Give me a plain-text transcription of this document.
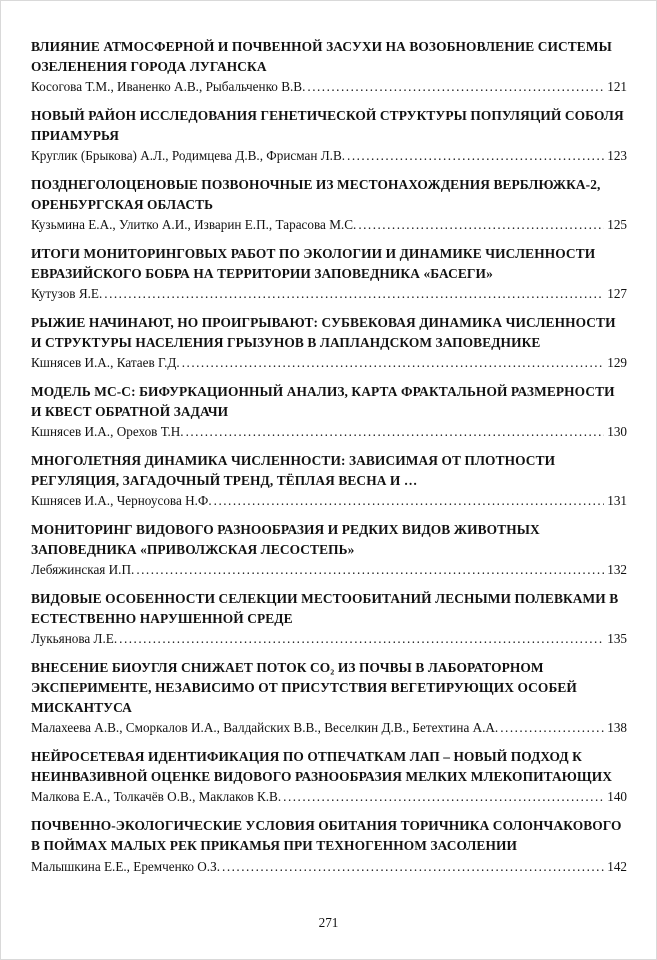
ВЛИЯНИЕ АТМОСФЕРНОЙ И ПОЧВЕННОЙ ЗАСУХИ НА ВОЗОБНОВЛЕНИЕ СИСТЕМЫ ОЗЕЛЕНЕНИЯ ГОРОДА ЛУГАНСКА
Косогова Т.М., Иваненко А.В., Рыбальченко В.В. .....	121
НОВЫЙ РАЙОН ИССЛЕДОВАНИЯ ГЕНЕТИЧЕСКОЙ СТРУКТУРЫ ПОПУЛЯЦИЙ СОБОЛЯ ПРИАМУРЬЯ
Круглик (Брыкова) А.Л., Родимцева Д.В., Фрисман Л.В. .....	123
ПОЗДНЕГОЛОЦЕНОВЫЕ ПОЗВОНОЧНЫЕ ИЗ МЕСТОНАХОЖДЕНИЯ ВЕРБЛЮЖКА-2, ОРЕНБУРГСКАЯ ОБЛАСТЬ
Кузьмина Е.А., Улитко А.И., Изварин Е.П., Тарасова М.С. .....	125
ИТОГИ МОНИТОРИНГОВЫХ РАБОТ ПО ЭКОЛОГИИ И ДИНАМИКЕ ЧИСЛЕННОСТИ ЕВРАЗИЙСКОГО БОБРА НА ТЕРРИТОРИИ ЗАПОВЕДНИКА «БАСЕГИ»
Кутузов Я.Е. .....	127
РЫЖИЕ НАЧИНАЮТ, НО ПРОИГРЫВАЮТ: СУБВЕКОВАЯ ДИНАМИКА ЧИСЛЕННОСТИ И СТРУКТУРЫ НАСЕЛЕНИЯ ГРЫЗУНОВ В ЛАПЛАНДСКОМ ЗАПОВЕДНИКЕ
Кшнясев И.А., Катаев Г.Д. .....	129
МОДЕЛЬ МС-С: БИФУРКАЦИОННЫЙ АНАЛИЗ, КАРТА ФРАКТАЛЬНОЙ РАЗМЕРНОСТИ И КВЕСТ ОБРАТНОЙ ЗАДАЧИ
Кшнясев И.А., Орехов Т.Н. .....	130
МНОГОЛЕТНЯЯ ДИНАМИКА ЧИСЛЕННОСТИ: ЗАВИСИМАЯ ОТ ПЛОТНОСТИ РЕГУЛЯЦИЯ, ЗАГАДОЧНЫЙ ТРЕНД, ТЁПЛАЯ ВЕСНА И …
Кшнясев И.А., Черноусова Н.Ф. .....	131
МОНИТОРИНГ ВИДОВОГО РАЗНООБРАЗИЯ И РЕДКИХ ВИДОВ ЖИВОТНЫХ ЗАПОВЕДНИКА «ПРИВОЛЖСКАЯ ЛЕСОСТЕПЬ»
Лебяжинская И.П. .....	132
ВИДОВЫЕ ОСОБЕННОСТИ СЕЛЕКЦИИ МЕСТООБИТАНИЙ ЛЕСНЫМИ ПОЛЕВКАМИ В ЕСТЕСТВЕННО НАРУШЕННОЙ СРЕДЕ
Лукьянова Л.Е. .....	135
ВНЕСЕНИЕ БИОУГЛЯ СНИЖАЕТ ПОТОК CO₂ ИЗ ПОЧВЫ В ЛАБОРАТОРНОМ ЭКСПЕРИМЕНТЕ, НЕЗАВИСИМО ОТ ПРИСУТСТВИЯ ВЕГЕТИРУЮЩИХ ОСОБЕЙ МИСКАНТУСА
Малахеева А.В., Сморкалов И.А., Валдайских В.В., Веселкин Д.В., Бетехтина А.А. .....	138
НЕЙРОСЕТЕВАЯ ИДЕНТИФИКАЦИЯ ПО ОТПЕЧАТКАМ ЛАП – НОВЫЙ ПОДХОД К НЕИНВАЗИВНОЙ ОЦЕНКЕ ВИДОВОГО РАЗНООБРАЗИЯ МЕЛКИХ МЛЕКОПИТАЮЩИХ
Малкова Е.А., Толкачёв О.В., Маклаков К.В. .....	140
ПОЧВЕННО-ЭКОЛОГИЧЕСКИЕ УСЛОВИЯ ОБИТАНИЯ ТОРИЧНИКА СОЛОНЧАКОВОГО В ПОЙМАХ МАЛЫХ РЕК ПРИКАМЬЯ ПРИ ТЕХНОГЕННОМ ЗАСОЛЕНИИ
Малышкина Е.Е., Еремченко О.З. .....	142
271
